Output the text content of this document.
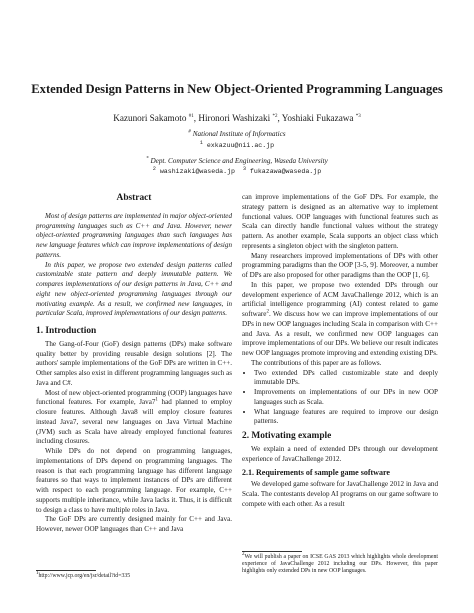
Extended Design Patterns in New Object-Oriented Programming Languages
Kazunori Sakamoto $^{\#1}$, Hironori Washizaki $^{*2}$, Yoshiaki Fukazawa $^{*3}$
# National Institute of Informatics
$^1$ exkazuu@nii.ac.jp
* Dept. Computer Science and Engineering, Waseda University
$^2$ washizaki@waseda.jp $^3$ fukazawa@waseda.jp
Abstract

Most of design patterns are implemented in major object-oriented programming languages such as C++ and Java. However, newer object-oriented programming languages than such languages has new language features which can improve implementations of design patterns.

In this paper, we propose two extended design patterns called customizable state pattern and deeply immutable pattern. We compares implementations of our design patterns in Java, C++ and eight new object-oriented programming languages through our motivating example. As a result, we confirmed new languages, in particular Scala, improved implementations of our design patterns.

1. Introduction

The Gang-of-Four (GoF) design patterns (DPs) make software quality better by providing reusable design solutions [2]. The authors' sample implementations of the GoF DPs are written in C++. Other samples also exist in different programming languages such as Java and C#.

Most of new object-oriented programming (OOP) languages have functional features. For example, $Java7^1$ had planned to employ closure features. Although Java8 will employ closure features instead Java7, several new languages on Java Virtual Machine (JVM) such as Scala have already employed functional features including closures.

While DPs do not depend on programming languages, implementations of DPs depend on programming languages. The reason is that each programming language has different language features so that ways to implement instances of DPs are different with respect to each programming language. For example, C++ supports multiple inheritance, while Java lacks it. Thus, it is difficult to design a class to have multiple roles in Java.

The GoF DPs are currently designed mainly for C++ and Java. However, newer OOP languages than C++ and Java

$^1$http://www.jcp.org/en/jsr/detail?id=335

can improve implementations of the GoF DPs. For example, the strategy pattern is designed as an alternative way to implement functional values. OOP languages with functional features such as Scala can directly handle functional values without the strategy pattern. As another example, Scala supports an object class which represents a singleton object with the singleton pattern.

Many researchers improved implementations of DPs with other programming paradigms than the OOP [3-5, 9]. Moreover, a number of DPs are also proposed for other paradigms than the OOP [1, 6].

In this paper, we propose two extended DPs through our development experience of ACM JavaChallenge 2012, which is an artificial intelligence programming (AI) contest related to game software$^2$. We discuss how we can improve implementations of our DPs in new OOP languages including Scala in comparison with C++ and Java. As a result, we confirmed new OOP languages can improve implementations of our DPs. We believe our result indicates new OOP languages promote improving and extending existing DPs.

The contributions of this paper are as follows.

• Two extended DPs called customizable state and deeply immutable DPs.
• Improvements on implementations of our DPs in new OOP languages such as Scala.
• What language features are required to improve our design patterns.
2. Motivating example

We explain a need of extended DPs through our development experience of JavaChallenge 2012.

2.1. Requirements of sample game software

We developed game software for JavaChallenge 2012 in Java and Scala. The contestants develop AI programs on our game software to compete with each other. As a result

$^2$We will publish a paper on ICSE GAS 2013 which highlights whole development experience of JavaChallenge 2012 including our DPs. However, this paper highlights only extended DPs in new OOP languages.
